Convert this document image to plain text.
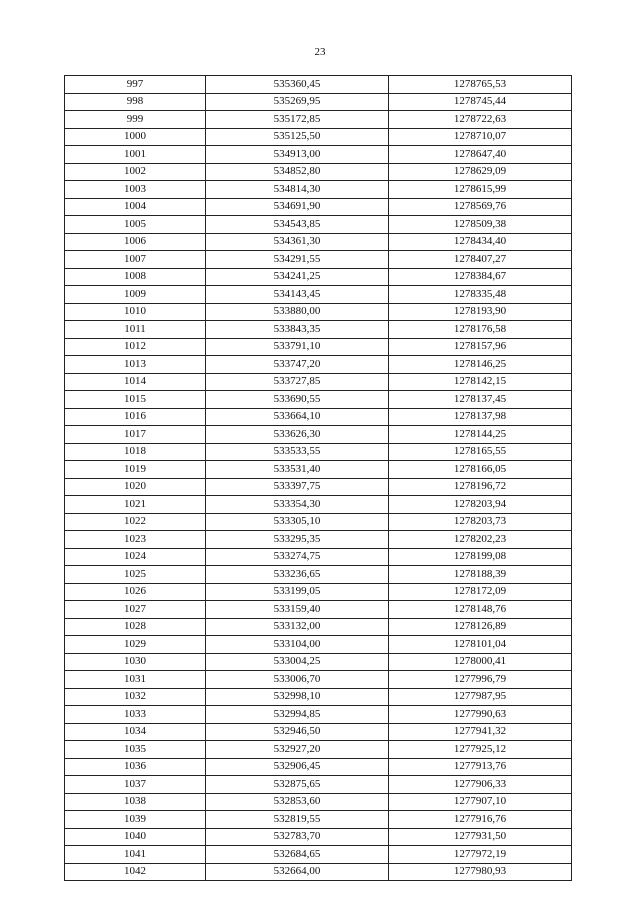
23
997	535360,45	1278765,53
998	535269,95	1278745,44
999	535172,85	1278722,63
1000	535125,50	1278710,07
1001	534913,00	1278647,40
1002	534852,80	1278629,09
1003	534814,30	1278615,99
1004	534691,90	1278569,76
1005	534543,85	1278509,38
1006	534361,30	1278434,40
1007	534291,55	1278407,27
1008	534241,25	1278384,67
1009	534143,45	1278335,48
1010	533880,00	1278193,90
1011	533843,35	1278176,58
1012	533791,10	1278157,96
1013	533747,20	1278146,25
1014	533727,85	1278142,15
1015	533690,55	1278137,45
1016	533664,10	1278137,98
1017	533626,30	1278144,25
1018	533533,55	1278165,55
1019	533531,40	1278166,05
1020	533397,75	1278196,72
1021	533354,30	1278203,94
1022	533305,10	1278203,73
1023	533295,35	1278202,23
1024	533274,75	1278199,08
1025	533236,65	1278188,39
1026	533199,05	1278172,09
1027	533159,40	1278148,76
1028	533132,00	1278126,89
1029	533104,00	1278101,04
1030	533004,25	1278000,41
1031	533006,70	1277996,79
1032	532998,10	1277987,95
1033	532994,85	1277990,63
1034	532946,50	1277941,32
1035	532927,20	1277925,12
1036	532906,45	1277913,76
1037	532875,65	1277906,33
1038	532853,60	1277907,10
1039	532819,55	1277916,76
1040	532783,70	1277931,50
1041	532684,65	1277972,19
1042	532664,00	1277980,93
